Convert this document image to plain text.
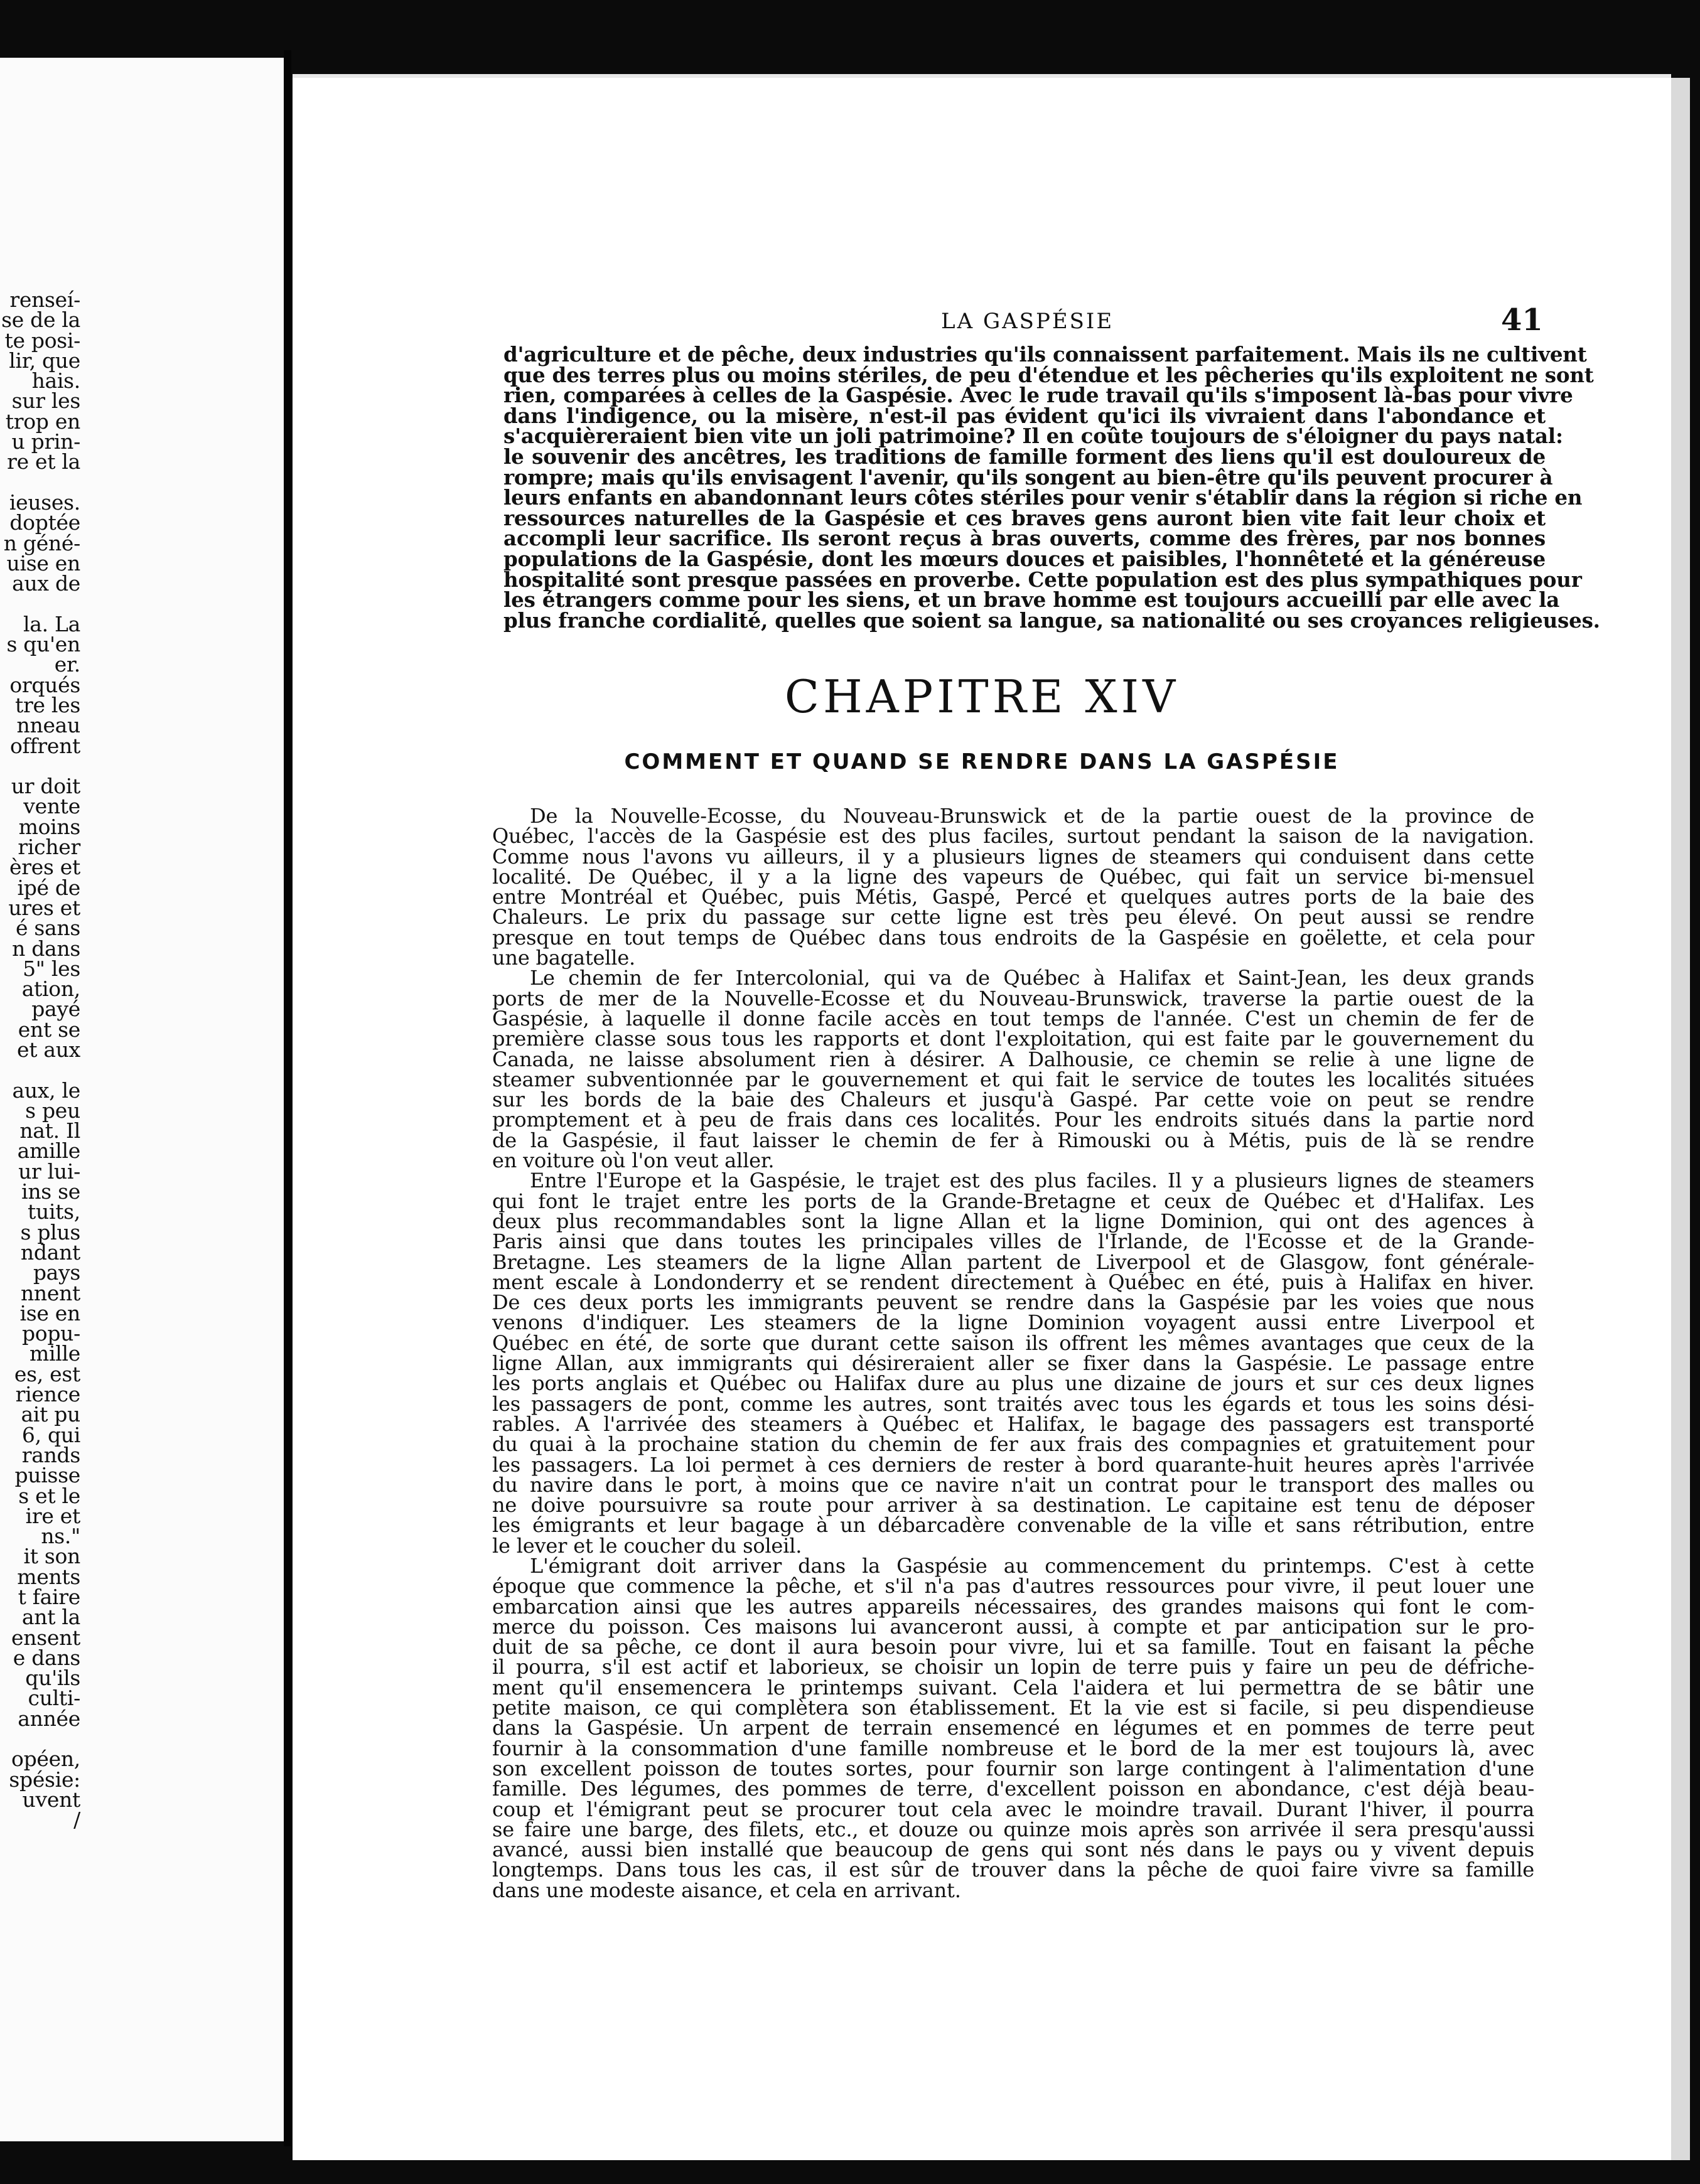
renseí-
se de la
te posi-
lir, que
hais.
sur les
trop en
u prin-
re et la
ieuses.
doptée
n géné-
uise en
aux de
la. La
s qu'en
er.
orqués
tre les
nneau
offrent
ur doit
vente
moins
richer
ères et
ipé de
ures et
é sans
n dans
5" les
ation,
payé
ent se
et aux
aux, le
s peu
nat. Il
amille
ur lui-
ins se
tuits,
s plus
ndant
pays
nnent
ise en
popu-
mille
es, est
rience
ait pu
6, qui
rands
puisse
s et le
ire et
ns."
it son
ments
t faire
ant la
ensent
e dans
qu'ils
culti-
année
opéen,
spésie:
uvent
/
LA GASPÉSIE	41
d'agriculture et de pêche, deux industries qu'ils connaissent parfaitement. Mais ils ne cultivent
que des terres plus ou moins stériles, de peu d'étendue et les pêcheries qu'ils exploitent ne sont
rien, comparées à celles de la Gaspésie. Avec le rude travail qu'ils s'imposent là-bas pour vivre
dans l'indigence, ou la misère, n'est-il pas évident qu'ici ils vivraient dans l'abondance et
s'acquièreraient bien vite un joli patrimoine? Il en coûte toujours de s'éloigner du pays natal:
le souvenir des ancêtres, les traditions de famille forment des liens qu'il est douloureux de
rompre; mais qu'ils envisagent l'avenir, qu'ils songent au bien-être qu'ils peuvent procurer à
leurs enfants en abandonnant leurs côtes stériles pour venir s'établir dans la région si riche en
ressources naturelles de la Gaspésie et ces braves gens auront bien vite fait leur choix et
accompli leur sacrifice. Ils seront reçus à bras ouverts, comme des frères, par nos bonnes
populations de la Gaspésie, dont les mœurs douces et paisibles, l'honnêteté et la généreuse
hospitalité sont presque passées en proverbe. Cette population est des plus sympathiques pour
les étrangers comme pour les siens, et un brave homme est toujours accueilli par elle avec la
plus franche cordialité, quelles que soient sa langue, sa nationalité ou ses croyances religieuses.
CHAPITRE XIV
COMMENT ET QUAND SE RENDRE DANS LA GASPÉSIE
De la Nouvelle-Ecosse, du Nouveau-Brunswick et de la partie ouest de la province de
Québec, l'accès de la Gaspésie est des plus faciles, surtout pendant la saison de la navigation.
Comme nous l'avons vu ailleurs, il y a plusieurs lignes de steamers qui conduisent dans cette
localité. De Québec, il y a la ligne des vapeurs de Québec, qui fait un service bi-mensuel
entre Montréal et Québec, puis Métis, Gaspé, Percé et quelques autres ports de la baie des
Chaleurs. Le prix du passage sur cette ligne est très peu élevé. On peut aussi se rendre
presque en tout temps de Québec dans tous endroits de la Gaspésie en goëlette, et cela pour
une bagatelle.
Le chemin de fer Intercolonial, qui va de Québec à Halifax et Saint-Jean, les deux grands
ports de mer de la Nouvelle-Ecosse et du Nouveau-Brunswick, traverse la partie ouest de la
Gaspésie, à laquelle il donne facile accès en tout temps de l'année. C'est un chemin de fer de
première classe sous tous les rapports et dont l'exploitation, qui est faite par le gouvernement du
Canada, ne laisse absolument rien à désirer. A Dalhousie, ce chemin se relie à une ligne de
steamer subventionnée par le gouvernement et qui fait le service de toutes les localités situées
sur les bords de la baie des Chaleurs et jusqu'à Gaspé. Par cette voie on peut se rendre
promptement et à peu de frais dans ces localités. Pour les endroits situés dans la partie nord
de la Gaspésie, il faut laisser le chemin de fer à Rimouski ou à Métis, puis de là se rendre
en voiture où l'on veut aller.
Entre l'Europe et la Gaspésie, le trajet est des plus faciles. Il y a plusieurs lignes de steamers
qui font le trajet entre les ports de la Grande-Bretagne et ceux de Québec et d'Halifax. Les
deux plus recommandables sont la ligne Allan et la ligne Dominion, qui ont des agences à
Paris ainsi que dans toutes les principales villes de l'Irlande, de l'Ecosse et de la Grande-
Bretagne. Les steamers de la ligne Allan partent de Liverpool et de Glasgow, font générale-
ment escale à Londonderry et se rendent directement à Québec en été, puis à Halifax en hiver.
De ces deux ports les immigrants peuvent se rendre dans la Gaspésie par les voies que nous
venons d'indiquer. Les steamers de la ligne Dominion voyagent aussi entre Liverpool et
Québec en été, de sorte que durant cette saison ils offrent les mêmes avantages que ceux de la
ligne Allan, aux immigrants qui désireraient aller se fixer dans la Gaspésie. Le passage entre
les ports anglais et Québec ou Halifax dure au plus une dizaine de jours et sur ces deux lignes
les passagers de pont, comme les autres, sont traités avec tous les égards et tous les soins dési-
rables. A l'arrivée des steamers à Québec et Halifax, le bagage des passagers est transporté
du quai à la prochaine station du chemin de fer aux frais des compagnies et gratuitement pour
les passagers. La loi permet à ces derniers de rester à bord quarante-huit heures après l'arrivée
du navire dans le port, à moins que ce navire n'ait un contrat pour le transport des malles ou
ne doive poursuivre sa route pour arriver à sa destination. Le capitaine est tenu de déposer
les émigrants et leur bagage à un débarcadère convenable de la ville et sans rétribution, entre
le lever et le coucher du soleil.
L'émigrant doit arriver dans la Gaspésie au commencement du printemps. C'est à cette
époque que commence la pêche, et s'il n'a pas d'autres ressources pour vivre, il peut louer une
embarcation ainsi que les autres appareils nécessaires, des grandes maisons qui font le com-
merce du poisson. Ces maisons lui avanceront aussi, à compte et par anticipation sur le pro-
duit de sa pêche, ce dont il aura besoin pour vivre, lui et sa famille. Tout en faisant la pêche
il pourra, s'il est actif et laborieux, se choisir un lopin de terre puis y faire un peu de défriche-
ment qu'il ensemencera le printemps suivant. Cela l'aidera et lui permettra de se bâtir une
petite maison, ce qui complètera son établissement. Et la vie est si facile, si peu dispendieuse
dans la Gaspésie. Un arpent de terrain ensemencé en légumes et en pommes de terre peut
fournir à la consommation d'une famille nombreuse et le bord de la mer est toujours là, avec
son excellent poisson de toutes sortes, pour fournir son large contingent à l'alimentation d'une
famille. Des légumes, des pommes de terre, d'excellent poisson en abondance, c'est déjà beau-
coup et l'émigrant peut se procurer tout cela avec le moindre travail. Durant l'hiver, il pourra
se faire une barge, des filets, etc., et douze ou quinze mois après son arrivée il sera presqu'aussi
avancé, aussi bien installé que beaucoup de gens qui sont nés dans le pays ou y vivent depuis
longtemps. Dans tous les cas, il est sûr de trouver dans la pêche de quoi faire vivre sa famille
dans une modeste aisance, et cela en arrivant.
